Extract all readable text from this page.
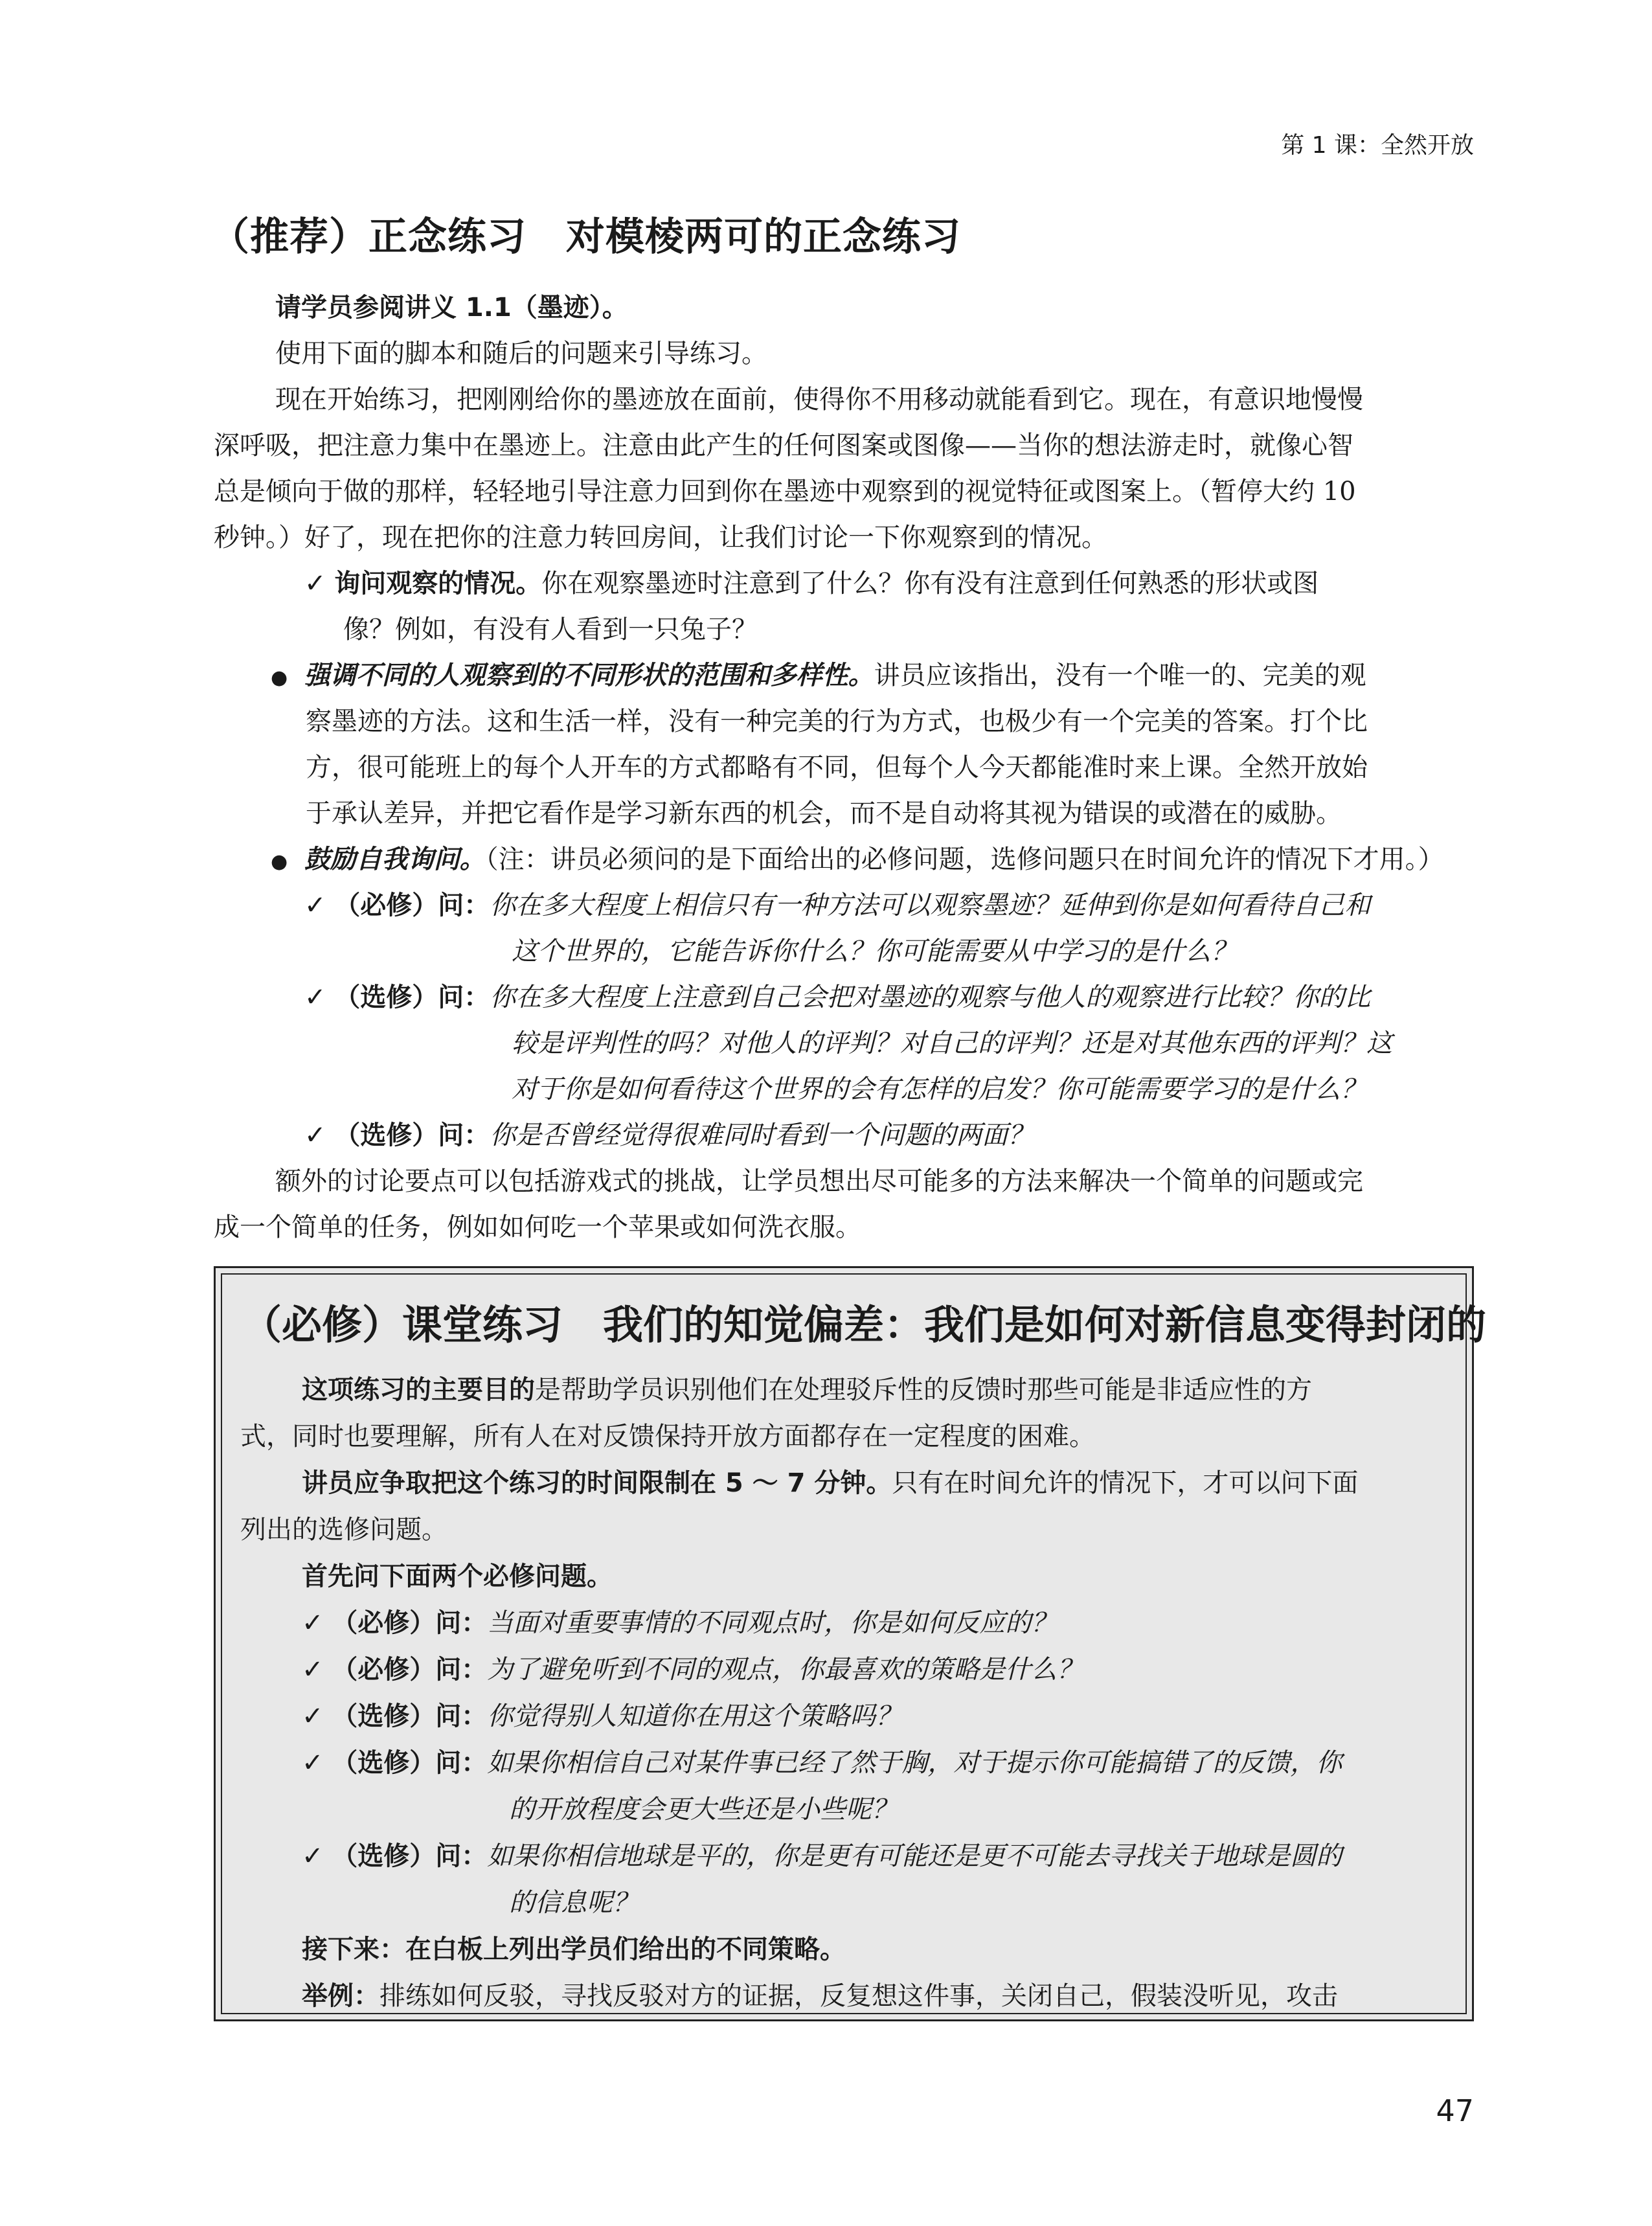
第 1 课：全然开放
（推荐）正念练习　对模棱两可的正念练习
请学员参阅讲义 1.1（墨迹）。
使用下面的脚本和随后的问题来引导练习。
现在开始练习，把刚刚给你的墨迹放在面前，使得你不用移动就能看到它。现在，有意识地慢慢
深呼吸，把注意力集中在墨迹上。注意由此产生的任何图案或图像——当你的想法游走时，就像心智
总是倾向于做的那样，轻轻地引导注意力回到你在墨迹中观察到的视觉特征或图案上。（暂停大约 10
秒钟。）好了，现在把你的注意力转回房间，让我们讨论一下你观察到的情况。
✓ 询问观察的情况。你在观察墨迹时注意到了什么？你有没有注意到任何熟悉的形状或图
像？例如，有没有人看到一只兔子？
● 强调不同的人观察到的不同形状的范围和多样性。讲员应该指出，没有一个唯一的、完美的观
察墨迹的方法。这和生活一样，没有一种完美的行为方式，也极少有一个完美的答案。打个比
方，很可能班上的每个人开车的方式都略有不同，但每个人今天都能准时来上课。全然开放始
于承认差异，并把它看作是学习新东西的机会，而不是自动将其视为错误的或潜在的威胁。
● 鼓励自我询问。（注：讲员必须问的是下面给出的必修问题，选修问题只在时间允许的情况下才用。）
✓ （必修）问：你在多大程度上相信只有一种方法可以观察墨迹？延伸到你是如何看待自己和
这个世界的，它能告诉你什么？你可能需要从中学习的是什么？
✓ （选修）问：你在多大程度上注意到自己会把对墨迹的观察与他人的观察进行比较？你的比
较是评判性的吗？对他人的评判？对自己的评判？还是对其他东西的评判？这
对于你是如何看待这个世界的会有怎样的启发？你可能需要学习的是什么？
✓ （选修）问：你是否曾经觉得很难同时看到一个问题的两面？
额外的讨论要点可以包括游戏式的挑战，让学员想出尽可能多的方法来解决一个简单的问题或完
成一个简单的任务，例如如何吃一个苹果或如何洗衣服。
（必修）课堂练习　我们的知觉偏差：我们是如何对新信息变得封闭的
这项练习的主要目的是帮助学员识别他们在处理驳斥性的反馈时那些可能是非适应性的方
式，同时也要理解，所有人在对反馈保持开放方面都存在一定程度的困难。
讲员应争取把这个练习的时间限制在 5 ～ 7 分钟。只有在时间允许的情况下，才可以问下面
列出的选修问题。
首先问下面两个必修问题。
✓ （必修）问：当面对重要事情的不同观点时，你是如何反应的？
✓ （必修）问：为了避免听到不同的观点，你最喜欢的策略是什么？
✓ （选修）问：你觉得别人知道你在用这个策略吗？
✓ （选修）问：如果你相信自己对某件事已经了然于胸，对于提示你可能搞错了的反馈，你
的开放程度会更大些还是小些呢？
✓ （选修）问：如果你相信地球是平的，你是更有可能还是更不可能去寻找关于地球是圆的
的信息呢？
接下来：在白板上列出学员们给出的不同策略。
举例：排练如何反驳，寻找反驳对方的证据，反复想这件事，关闭自己，假装没听见，攻击
47
